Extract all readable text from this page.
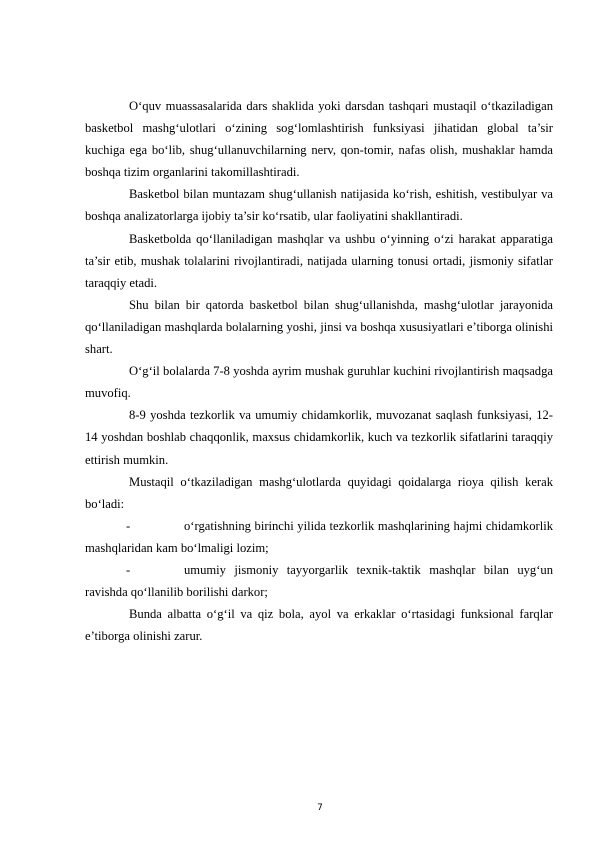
O‘quv muassasalarida dars shaklida yoki darsdan tashqari mustaqil o‘tkaziladigan basketbol mashg‘ulotlari o‘zining sog‘lomlashtirish funksiyasi jihatidan global ta’sir kuchiga ega bo‘lib, shug‘ullanuvchilarning nerv, qon-tomir, nafas olish, mushaklar hamda boshqa tizim organlarini takomillashtiradi.

Basketbol bilan muntazam shug‘ullanish natijasida ko‘rish, eshitish, vestibulyar va boshqa analizatorlarga ijobiy ta’sir ko‘rsatib, ular faoliyatini shakllantiradi.

Basketbolda qo‘llaniladigan mashqlar va ushbu o‘yinning o‘zi harakat apparatiga ta’sir etib, mushak tolalarini rivojlantiradi, natijada ularning tonusi ortadi, jismoniy sifatlar taraqqiy etadi.

Shu bilan bir qatorda basketbol bilan shug‘ullanishda, mashg‘ulotlar jarayonida qo‘llaniladigan mashqlarda bolalarning yoshi, jinsi va boshqa xususiyatlari e’tiborga olinishi shart.

O‘g‘il bolalarda 7-8 yoshda ayrim mushak guruhlar kuchini rivojlantirish maqsadga muvofiq.

8-9 yoshda tezkorlik va umumiy chidamkorlik, muvozanat saqlash funksiyasi, 12-14 yoshdan boshlab chaqqonlik, maxsus chidamkorlik, kuch va tezkorlik sifatlarini taraqqiy ettirish mumkin.

Mustaqil o‘tkaziladigan mashg‘ulotlarda quyidagi qoidalarga rioya qilish kerak bo‘ladi:

-	o‘rgatishning birinchi yilida tezkorlik mashqlarining hajmi chidamkorlik mashqlaridan kam bo‘lmaligi lozim;
-	umumiy jismoniy tayyorgarlik texnik-taktik mashqlar bilan uyg‘un ravishda qo‘llanilib borilishi darkor;

Bunda albatta o‘g‘il va qiz bola, ayol va erkaklar o‘rtasidagi funksional farqlar e’tiborga olinishi zarur.

7
